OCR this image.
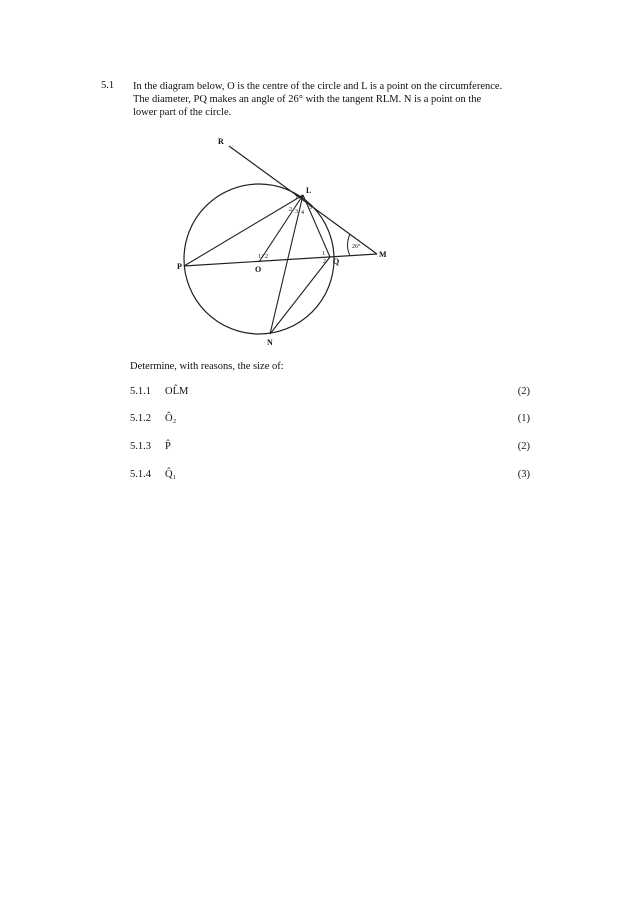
5.1 In the diagram below, O is the centre of the circle and L is a point on the circumference.
The diameter, PQ makes an angle of 26° with the tangent RLM. N is a point on the
lower part of the circle.
R
L
M
P	O
Q
N
26°
1
2 3 4
5
1 2
/	1
2
Determine, with reasons, the size of:
5.1.1 OL̂M	(2)
5.1.2 Ô₂	(1)
5.1.3 P̂	(2)
5.1.4 Q̂₁	(3)
